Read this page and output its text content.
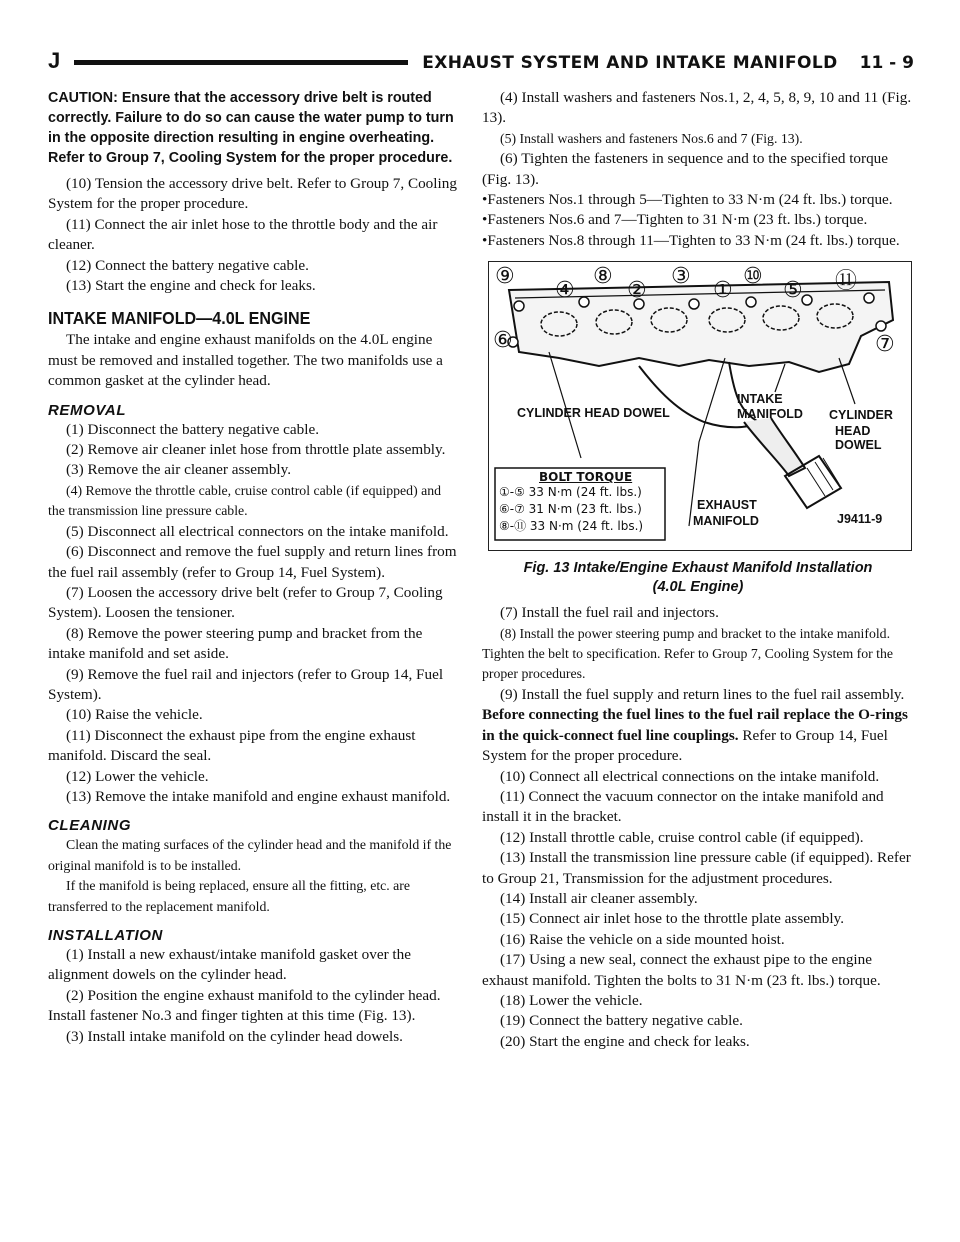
J	EXHAUST SYSTEM AND INTAKE MANIFOLD 11 - 9

CAUTION: Ensure that the accessory drive belt is routed correctly. Failure to do so can cause the water pump to turn in the opposite direction resulting in engine overheating. Refer to Group 7, Cooling System for the proper procedure.

(10) Tension the accessory drive belt. Refer to Group 7, Cooling System for the proper procedure.

(11) Connect the air inlet hose to the throttle body and the air cleaner.

(12) Connect the battery negative cable.

(13) Start the engine and check for leaks.

INTAKE MANIFOLD—4.0L ENGINE

The intake and engine exhaust manifolds on the 4.0L engine must be removed and installed together. The two manifolds use a common gasket at the cylinder head.

REMOVAL

(1) Disconnect the battery negative cable.

(2) Remove air cleaner inlet hose from throttle plate assembly.

(3) Remove the air cleaner assembly.

(4) Remove the throttle cable, cruise control cable (if equipped) and the transmission line pressure cable.

(5) Disconnect all electrical connectors on the intake manifold.

(6) Disconnect and remove the fuel supply and return lines from the fuel rail assembly (refer to Group 14, Fuel System).

(7) Loosen the accessory drive belt (refer to Group 7, Cooling System). Loosen the tensioner.

(8) Remove the power steering pump and bracket from the intake manifold and set aside.

(9) Remove the fuel rail and injectors (refer to Group 14, Fuel System).

(10) Raise the vehicle.

(11) Disconnect the exhaust pipe from the engine exhaust manifold. Discard the seal.

(12) Lower the vehicle.

(13) Remove the intake manifold and engine exhaust manifold.

CLEANING

Clean the mating surfaces of the cylinder head and the manifold if the original manifold is to be installed.

If the manifold is being replaced, ensure all the fitting, etc. are transferred to the replacement manifold.

INSTALLATION

(1) Install a new exhaust/intake manifold gasket over the alignment dowels on the cylinder head.

(2) Position the engine exhaust manifold to the cylinder head. Install fastener No.3 and finger tighten at this time (Fig. 13).

(3) Install intake manifold on the cylinder head dowels.

(4) Install washers and fasteners Nos.1, 2, 4, 5, 8, 9, 10 and 11 (Fig. 13).

(5) Install washers and fasteners Nos.6 and 7 (Fig. 13).

(6) Tighten the fasteners in sequence and to the specified torque (Fig. 13).

• Fasteners Nos.1 through 5—Tighten to 33 N·m (24 ft. lbs.) torque.

• Fasteners Nos.6 and 7—Tighten to 31 N·m (23 ft. lbs.) torque.

• Fasteners Nos.8 through 11—Tighten to 33 N·m (24 ft. lbs.) torque.

⑨
④
⑧
②
③
①
⑩
⑤ ⑪
⑥	⑦
CYLINDER HEAD DOWEL
INTAKE
MANIFOLD CYLINDER
HEAD DOWEL
EXHAUST
MANIFOLD	J9411-9
BOLT TORQUE
①-⑤ 33 N·m (24 ft. lbs.)
⑥-⑦ 31 N·m (23 ft. lbs.)
⑧-⑪ 33 N·m (24 ft. lbs.)
Fig. 13 Intake/Engine Exhaust Manifold Installation
(4.0L Engine)

(7) Install the fuel rail and injectors.

(8) Install the power steering pump and bracket to the intake manifold. Tighten the belt to specification. Refer to Group 7, Cooling System for the proper procedures.

(9) Install the fuel supply and return lines to the fuel rail assembly. Before connecting the fuel lines to the fuel rail replace the O-rings in the quick-connect fuel line couplings. Refer to Group 14, Fuel System for the proper procedure.

(10) Connect all electrical connections on the intake manifold.

(11) Connect the vacuum connector on the intake manifold and install it in the bracket.

(12) Install throttle cable, cruise control cable (if equipped).

(13) Install the transmission line pressure cable (if equipped). Refer to Group 21, Transmission for the adjustment procedures.

(14) Install air cleaner assembly.

(15) Connect air inlet hose to the throttle plate assembly.

(16) Raise the vehicle on a side mounted hoist.

(17) Using a new seal, connect the exhaust pipe to the engine exhaust manifold. Tighten the bolts to 31 N·m (23 ft. lbs.) torque.

(18) Lower the vehicle.

(19) Connect the battery negative cable.

(20) Start the engine and check for leaks.
